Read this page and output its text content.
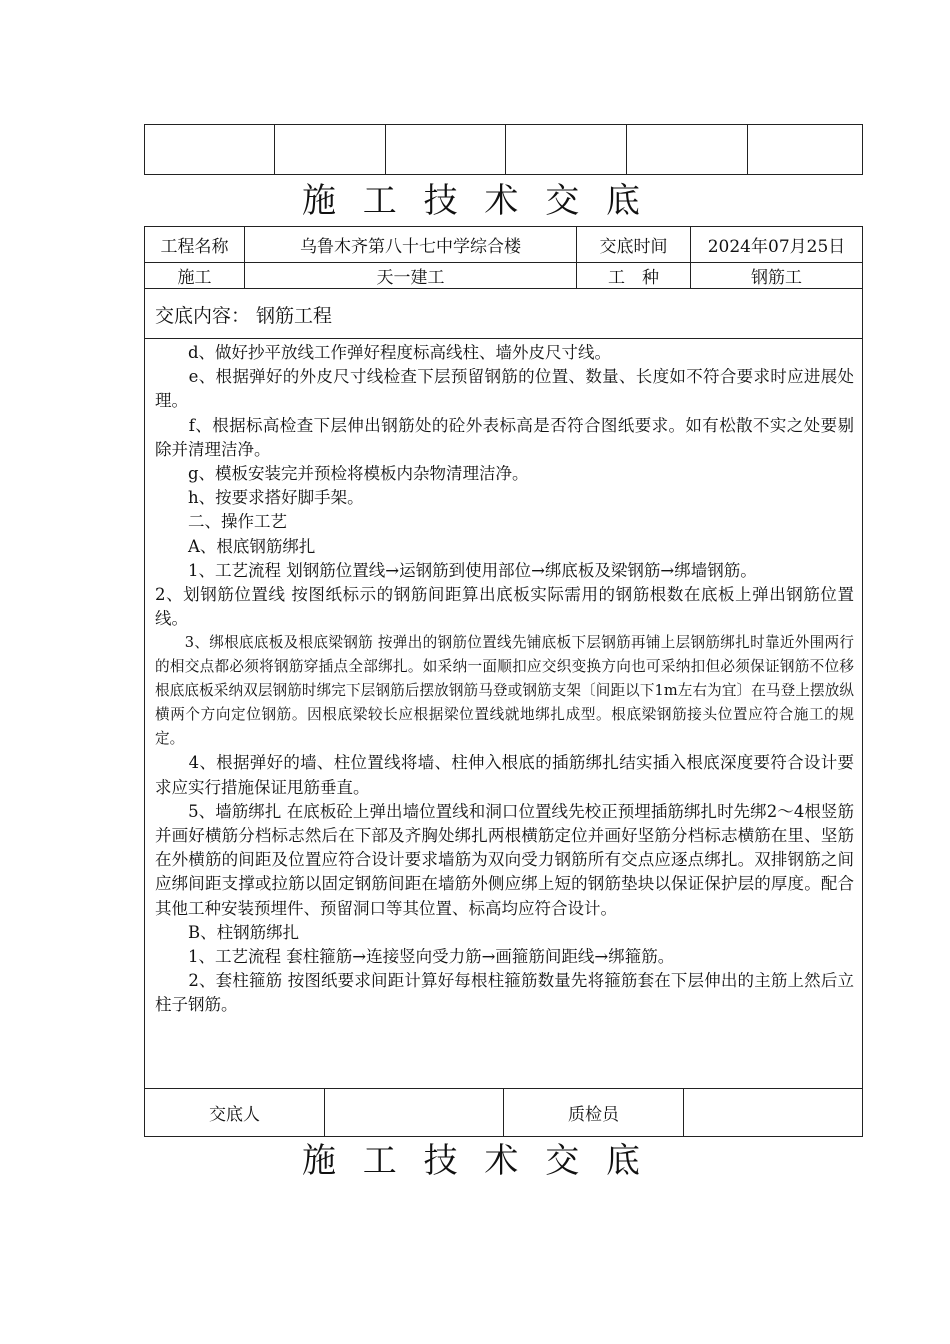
施 工 技 术 交 底
工程名称	乌鲁木齐第八十七中学综合楼	交底时间	2024年07月25日
施工	天一建工	工　种	钢筋工
交底内容： 钢筋工程

　　d、做好抄平放线工作弹好程度标高线柱、墙外皮尺寸线。

　　e、根据弹好的外皮尺寸线检查下层预留钢筋的位置、数量、长度如不符合要求时应进展处理。

　　f、根据标高检查下层伸出钢筋处的砼外表标高是否符合图纸要求。如有松散不实之处要剔除并清理洁净。

　　g、模板安装完并预检将模板内杂物清理洁净。

　　h、按要求搭好脚手架。

　　二、操作工艺

　　A、根底钢筋绑扎

　　1、工艺流程 划钢筋位置线→运钢筋到使用部位→绑底板及梁钢筋→绑墙钢筋。

2、划钢筋位置线 按图纸标示的钢筋间距算出底板实际需用的钢筋根数在底板上弹出钢筋位置线。

　　3、绑根底底板及根底梁钢筋 按弹出的钢筋位置线先铺底板下层钢筋再铺上层钢筋绑扎时靠近外围两行的相交点都必须将钢筋穿插点全部绑扎。如采纳一面顺扣应交织变换方向也可采纳扣但必须保证钢筋不位移根底底板采纳双层钢筋时绑完下层钢筋后摆放钢筋马登或钢筋支架〔间距以下1m左右为宜〕在马登上摆放纵横两个方向定位钢筋。因根底梁较长应根据梁位置线就地绑扎成型。根底梁钢筋接头位置应符合施工的规定。

　　4、根据弹好的墙、柱位置线将墙、柱伸入根底的插筋绑扎结实插入根底深度要符合设计要求应实行措施保证甩筋垂直。

　　5、墙筋绑扎 在底板砼上弹出墙位置线和洞口位置线先校正预埋插筋绑扎时先绑2～4根竖筋并画好横筋分档标志然后在下部及齐胸处绑扎两根横筋定位并画好坚筋分档标志横筋在里、坚筋在外横筋的间距及位置应符合设计要求墙筋为双向受力钢筋所有交点应逐点绑扎。双排钢筋之间应绑间距支撑或拉筋以固定钢筋间距在墙筋外侧应绑上短的钢筋垫块以保证保护层的厚度。配合其他工种安装预埋件、预留洞口等其位置、标高均应符合设计。

　　B、柱钢筋绑扎

　　1、工艺流程 套柱箍筋→连接竖向受力筋→画箍筋间距线→绑箍筋。

　　2、套柱箍筋 按图纸要求间距计算好每根柱箍筋数量先将箍筋套在下层伸出的主筋上然后立柱子钢筋。

交底人	质检员
施 工 技 术 交 底
